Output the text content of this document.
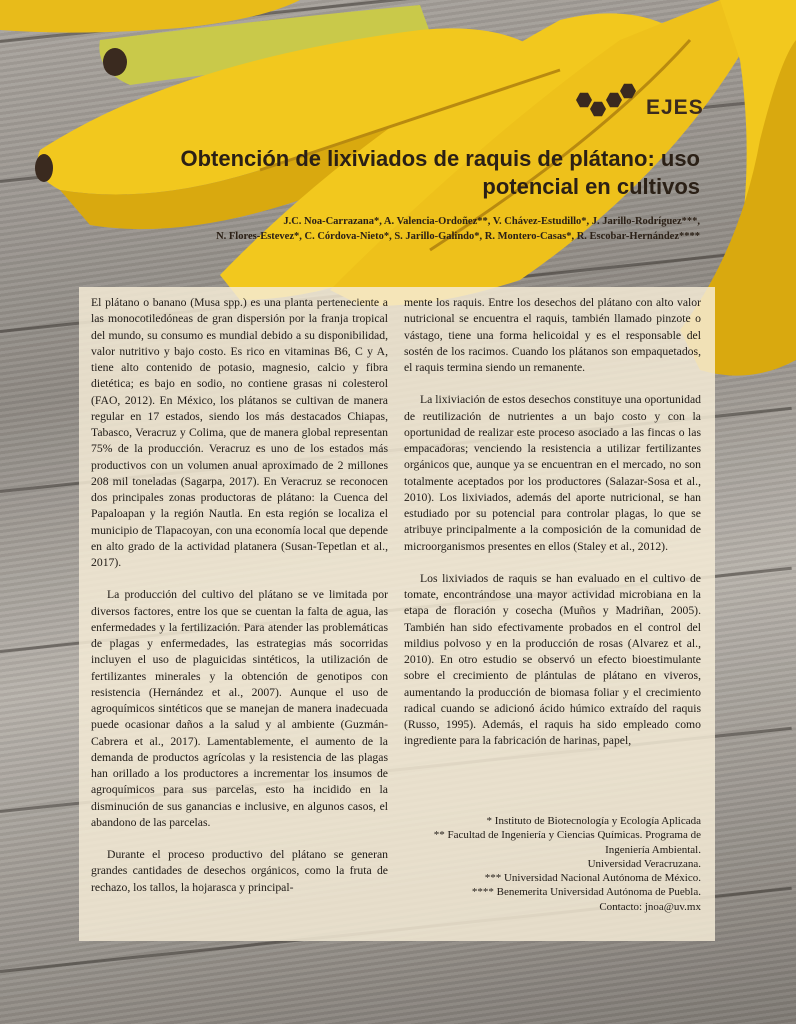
EJES
Obtención de lixiviados de raquis de plátano: uso
potencial en cultivos
J.C. Noa-Carrazana*, A. Valencia-Ordoñez**, V. Chávez-Estudillo*, J. Jarillo-Rodríguez***,
N. Flores-Estevez*, C. Córdova-Nieto*, S. Jarillo-Galindo*, R. Montero-Casas*, R. Escobar-Hernández****

El plátano o banano (Musa spp.) es una planta perteneciente a las monocotiledóneas de gran dispersión por la franja tropical del mundo, su consumo es mundial debido a su disponibilidad, valor nutritivo y bajo costo. Es rico en vitaminas B6, C y A, tiene alto contenido de potasio, magnesio, calcio y fibra dietética; es bajo en sodio, no contiene grasas ni colesterol (FAO, 2012). En México, los plátanos se cultivan de manera regular en 17 estados, siendo los más destacados Chiapas, Tabasco, Veracruz y Colima, que de manera global representan 75% de la producción. Veracruz es uno de los estados más productivos con un volumen anual aproximado de 2 millones 208 mil toneladas (Sagarpa, 2017). En Veracruz se reconocen dos principales zonas productoras de plátano: la Cuenca del Papaloapan y la región Nautla. En esta región se localiza el municipio de Tlapacoyan, con una economía local que depende en alto grado de la actividad platanera (Susan-Tepetlan et al., 2017).

La producción del cultivo del plátano se ve limitada por diversos factores, entre los que se cuentan la falta de agua, las enfermedades y la fertilización. Para atender las problemáticas de plagas y enfermedades, las estrategias más socorridas incluyen el uso de plaguicidas sintéticos, la utilización de fertilizantes minerales y la obtención de genotipos con resistencia (Hernández et al., 2007). Aunque el uso de agroquímicos sintéticos que se manejan de manera inadecuada puede ocasionar daños a la salud y al ambiente (Guzmán-Cabrera et al., 2017). Lamentablemente, el aumento de la demanda de productos agrícolas y la resistencia de las plagas han orillado a los productores a incrementar los insumos de agroquímicos para sus parcelas, esto ha incidido en la disminución de sus ganancias e inclusive, en algunos casos, el abandono de las parcelas.

Durante el proceso productivo del plátano se generan grandes cantidades de desechos orgánicos, como la fruta de rechazo, los tallos, la hojarasca y principal-

mente los raquis. Entre los desechos del plátano con alto valor nutricional se encuentra el raquis, también llamado pinzote o vástago, tiene una forma helicoidal y es el responsable del sostén de los racimos. Cuando los plátanos son empaquetados, el raquis termina siendo un remanente.

La lixiviación de estos desechos constituye una oportunidad de reutilización de nutrientes a un bajo costo y con la oportunidad de realizar este proceso asociado a las fincas o las empacadoras; venciendo la resistencia a utilizar fertilizantes orgánicos que, aunque ya se encuentran en el mercado, no son totalmente aceptados por los productores (Salazar-Sosa et al., 2010). Los lixiviados, además del aporte nutricional, se han estudiado por su potencial para controlar plagas, lo que se atribuye principalmente a la composición de la comunidad de microorganismos presentes en ellos (Staley et al., 2012).

Los lixiviados de raquis se han evaluado en el cultivo de tomate, encontrándose una mayor actividad microbiana en la etapa de floración y cosecha (Muños y Madriñan, 2005). También han sido efectivamente probados en el control del mildius polvoso y en la producción de rosas (Alvarez et al., 2010). En otro estudio se observó un efecto bioestimulante sobre el crecimiento de plántulas de plátano en viveros, aumentando la producción de biomasa foliar y el crecimiento radical cuando se adicionó ácido húmico extraído del raquis (Russo, 1995). Además, el raquis ha sido empleado como ingrediente para la fabricación de harinas, papel,

* Instituto de Biotecnología y Ecología Aplicada
** Facultad de Ingeniería y Ciencias Químicas. Programa de Ingeniería Ambiental.
Universidad Veracruzana.
*** Universidad Nacional Autónoma de México.
**** Benemerita Universidad Autónoma de Puebla.
Contacto: jnoa@uv.mx
